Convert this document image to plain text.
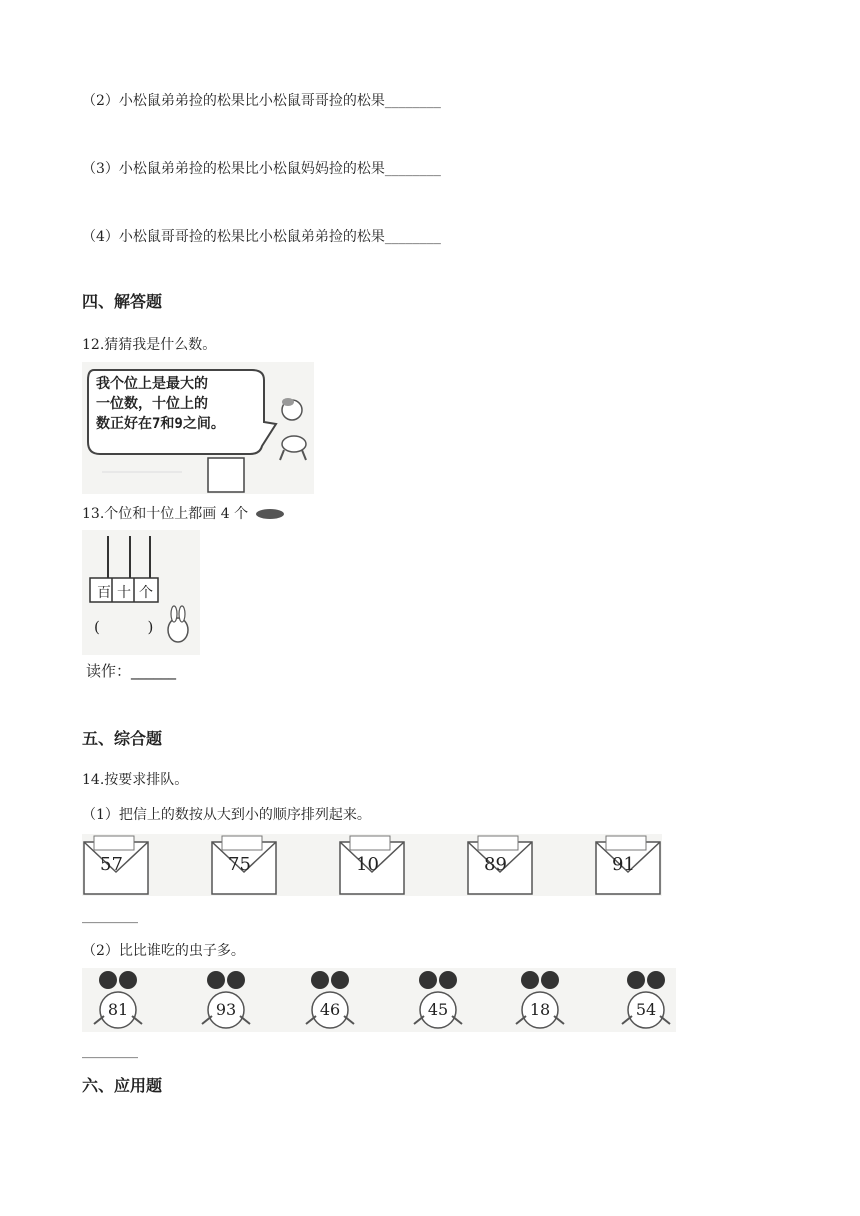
（2）小松鼠弟弟捡的松果比小松鼠哥哥捡的松果________
（3）小松鼠弟弟捡的松果比小松鼠妈妈捡的松果________
（4）小松鼠哥哥捡的松果比小松鼠弟弟捡的松果________
四、解答题
12.猜猜我是什么数。
我个位上是最大的
一位数，十位上的
数正好在7和9之间。
13.个位和十位上都画 4 个
百 十 个
(          )
读作：______
五、综合题
14.按要求排队。
（1）把信上的数按从大到小的顺序排列起来。
57	75	10	89	91
________
（2）比比谁吃的虫子多。
81	93	46	45	18	54
________
六、应用题
